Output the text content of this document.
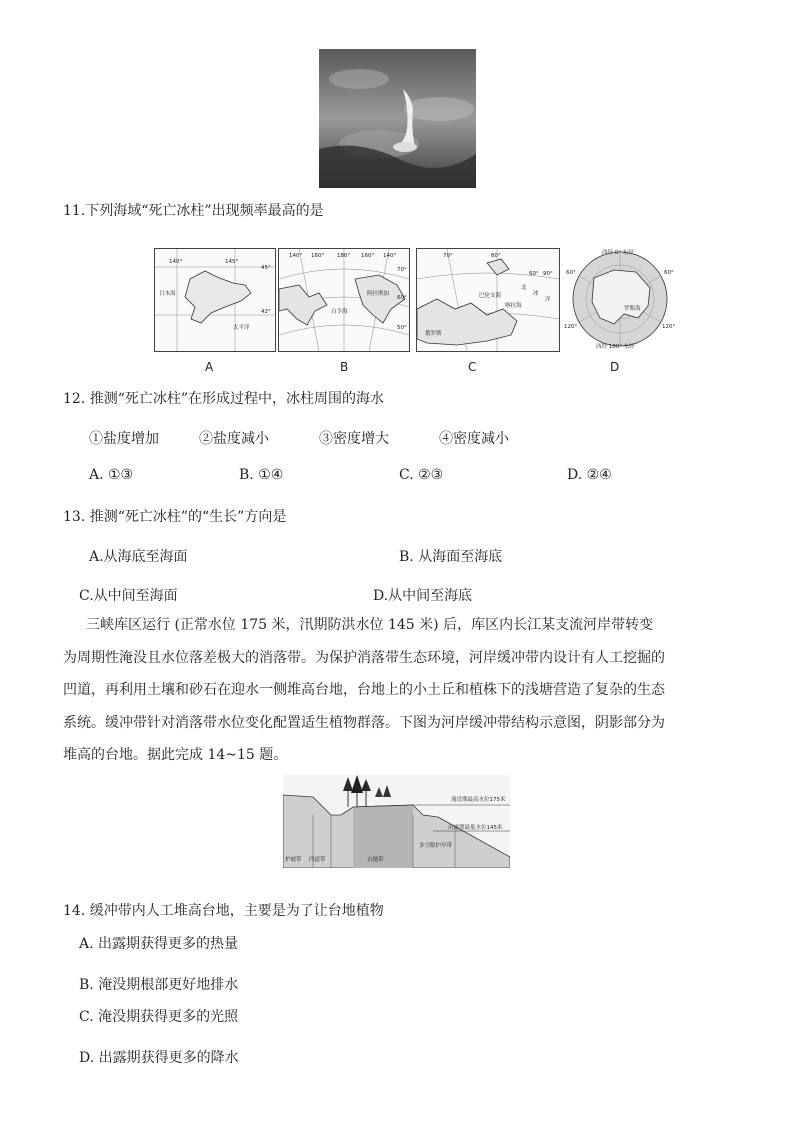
11.下列海域“死亡冰柱”出现频率最高的是
140°	145°
45°
日本海
太平洋
42°
A
140° 160° 180° 160° 140°
70°
60°
50°
白令海
阿拉斯加
B
70°	80°
60° 90°
北
冰
洋
巴伦支海
喀拉海
俄罗斯
C
西经 0° 东经
60°	60°
120°	120°
罗斯海
西经 180° 东经
D
12. 推测“死亡冰柱”在形成过程中，冰柱周围的海水
①盐度增加	②盐度减小	③密度增大	④密度减小
A. ①③	B. ①④	C. ②③	D. ②④
13. 推测“死亡冰柱”的“生长”方向是
A.从海底至海面	B. 从海面至海底
C.从中间至海面	D.从中间至海底
三峡库区运行 (正常水位 175 米，汛期防洪水位 145 米) 后，库区内长江某支流河岸带转变
为周期性淹没且水位落差极大的消落带。为保护消落带生态环境，河岸缓冲带内设计有人工挖掘的
凹道，再利用土壤和砂石在迎水一侧堆高台地，台地上的小土丘和植株下的浅塘营造了复杂的生态
系统。缓冲带针对消落带水位变化配置适生植物群落。下图为河岸缓冲带结构示意图，阴影部分为
堆高的台地。据此完成 14~15 题。
淹没期最高水位175米
出露期最低水位145米
护坡带 凹道带	台地带
多空隙护岸带
14. 缓冲带内人工堆高台地，主要是为了让台地植物
A. 出露期获得更多的热量
B. 淹没期根部更好地排水
C. 淹没期获得更多的光照
D. 出露期获得更多的降水
